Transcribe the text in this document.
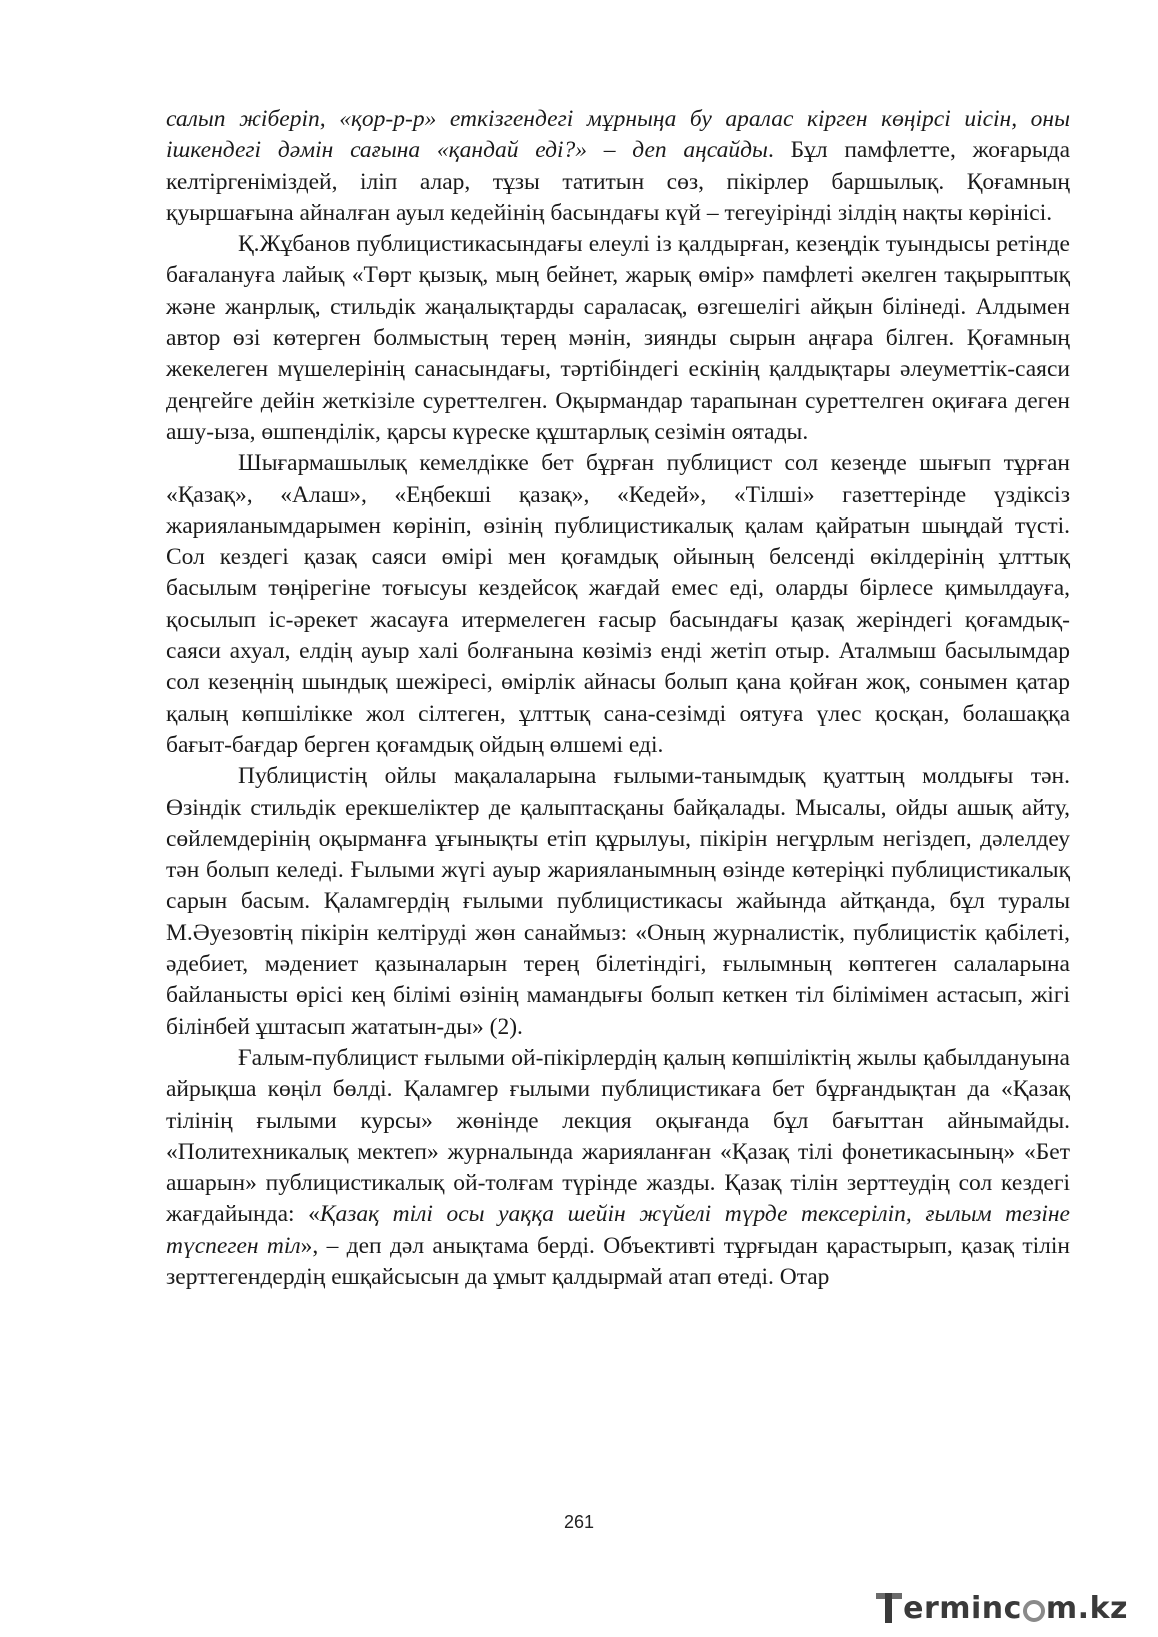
салып жіберіп, «қор-р-р» еткізгендегі мұрныңа бу аралас кірген көңірсі иісін, оны ішкендегі дәмін сағына «қандай еді?» – деп аңсайды. Бұл памфлетте, жоғарыда келтіргеніміздей, іліп алар, тұзы татитын сөз, пікірлер баршылық. Қоғамның қуыршағына айналған ауыл кедейінің басындағы күй – тегеуірінді зілдің нақты көрінісі.

Қ.Жұбанов публицистикасындағы елеулі із қалдырған, кезеңдік туындысы ретінде бағалануға лайық «Төрт қызық, мың бейнет, жарық өмір» памфлеті әкелген тақырыптық және жанрлық, стильдік жаңалықтарды саралаcақ, өзгешелігі айқын білінеді. Алдымен автор өзі көтерген болмыстың терең мәнін, зиянды сырын аңғара білген. Қоғамның жекелеген мүшелерінің санасындағы, тәртібіндегі ескінің қалдықтары әлеуметтік-саяси деңгейге дейін жеткізіле суреттелген. Оқырмандар тарапынан суреттелген оқиғаға деген ашу-ыза, өшпенділік, қарсы күреске құштарлық сезімін оятады.

Шығармашылық кемелдікке бет бұрған публицист сол кезеңде шығып тұрған «Қазақ», «Алаш», «Еңбекші қазақ», «Кедей», «Тілші» газеттерінде үздіксіз жарияланымдарымен көрініп, өзінің публицистикалық қалам қайратын шыңдай түсті. Сол кездегі қазақ саяси өмірі мен қоғамдық ойының белсенді өкілдерінің ұлттық басылым төңірегіне тоғысуы кездейсоқ жағдай емес еді, оларды бірлесе қимылдауға, қосылып іс-әрекет жасауға итермелеген ғасыр басындағы қазақ жеріндегі қоғамдық-саяси ахуал, елдің ауыр халі болғанына көзіміз енді жетіп отыр. Аталмыш басылымдар сол кезеңнің шындық шежіресі, өмірлік айнасы болып қана қойған жоқ, сонымен қатар қалың көпшілікке жол сілтеген, ұлттық сана-сезімді оятуға үлес қосқан, болашаққа бағыт-бағдар берген қоғамдық ойдың өлшемі еді.

Публицистің ойлы мақалаларына ғылыми-танымдық қуаттың молдығы тән. Өзіндік стильдік ерекшеліктер де қалыптасқаны байқалады. Мысалы, ойды ашық айту, сөйлемдерінің оқырманға ұғынықты етіп құрылуы, пікірін негұрлым негіздеп, дәлелдеу тән болып келеді. Ғылыми жүгі ауыр жарияланымның өзінде көтеріңкі публицистикалық сарын басым. Қаламгердің ғылыми публицистикасы жайында айтқанда, бұл туралы М.Әуезовтің пікірін келтіруді жөн санаймыз: «Оның журналистік, публицистік қабілеті, әдебиет, мәдениет қазыналарын терең білетіндігі, ғылымның көптеген салаларына байланысты өрісі кең білімі өзінің мамандығы болып кеткен тіл білімімен астасып, жігі білінбей ұштасып жататын-ды» (2).

Ғалым-публицист ғылыми ой-пікірлердің қалың көпшіліктің жылы қабылдануына айрықша көңіл бөлді. Қаламгер ғылыми публицистикаға бет бұрғандықтан да «Қазақ тілінің ғылыми курсы» жөнінде лекция оқығанда бұл бағыттан айнымайды. «Политехникалық мектеп» журналында жарияланған «Қазақ тілі фонетикасының» «Бет ашарын» публицистикалық ой-толғам түрінде жазды. Қазақ тілін зерттеудің сол кездегі жағдайында: «Қазақ тілі осы уаққа шейін жүйелі түрде тексеріліп, ғылым тезіне түспеген тіл», – деп дәл анықтама берді. Объективті тұрғыдан қарастырып, қазақ тілін зерттегендердің ешқайсысын да ұмыт қалдырмай атап өтеді. Отар

261
erminc m.kz
